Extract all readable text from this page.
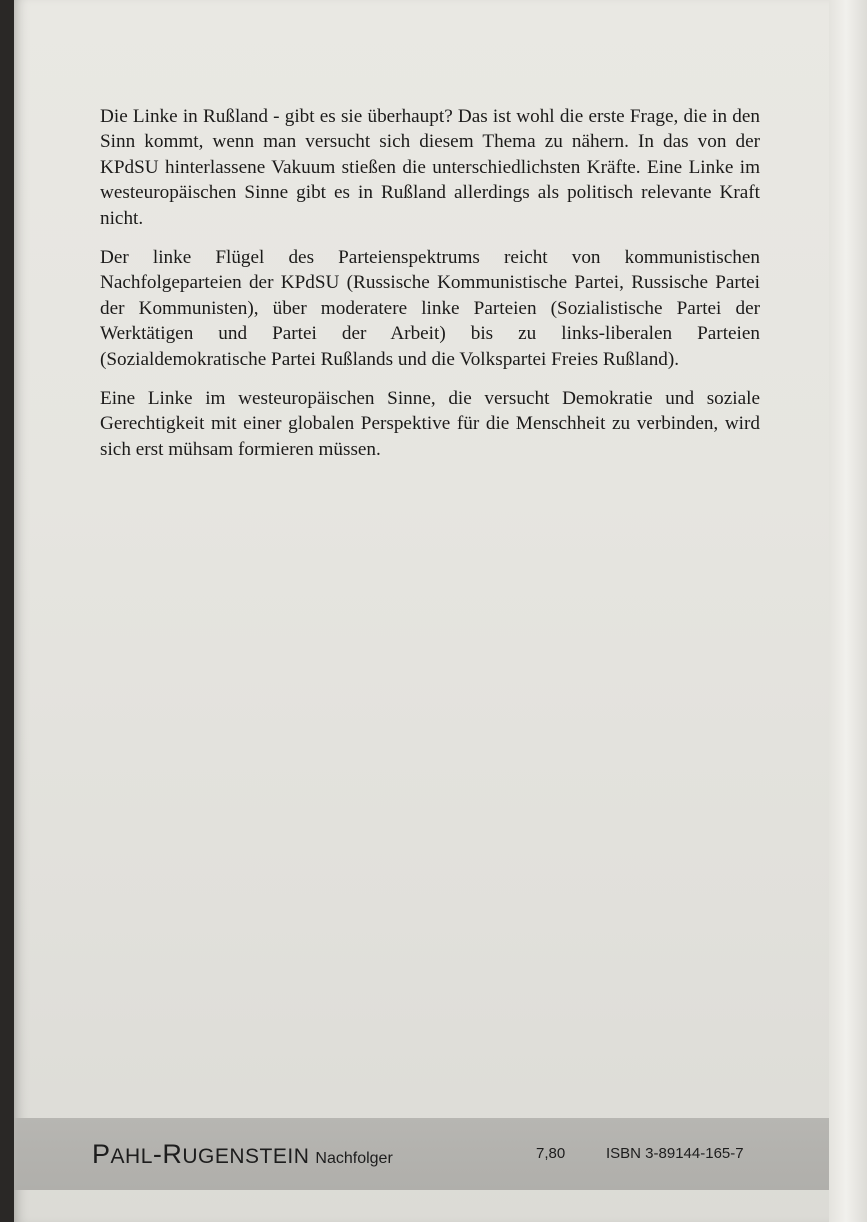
Die Linke in Rußland - gibt es sie überhaupt? Das ist wohl die erste Frage, die in den Sinn kommt, wenn man versucht sich diesem Thema zu nähern. In das von der KPdSU hinterlassene Vakuum stießen die unterschiedlichsten Kräfte. Eine Linke im westeuropäischen Sinne gibt es in Rußland allerdings als politisch relevante Kraft nicht.

Der linke Flügel des Parteienspektrums reicht von kommunistischen Nachfolgeparteien der KPdSU (Russische Kommunistische Partei, Russische Partei der Kommunisten), über moderatere linke Parteien (Sozialistische Partei der Werktätigen und Partei der Arbeit) bis zu links-liberalen Parteien (Sozialdemokratische Partei Rußlands und die Volkspartei Freies Rußland).

Eine Linke im westeuropäischen Sinne, die versucht Demokratie und soziale Gerechtigkeit mit einer globalen Perspektive für die Menschheit zu verbinden, wird sich erst mühsam formieren müssen.

PAHL-RUGENSTEIN Nachfolger	7,80	ISBN 3-89144-165-7
